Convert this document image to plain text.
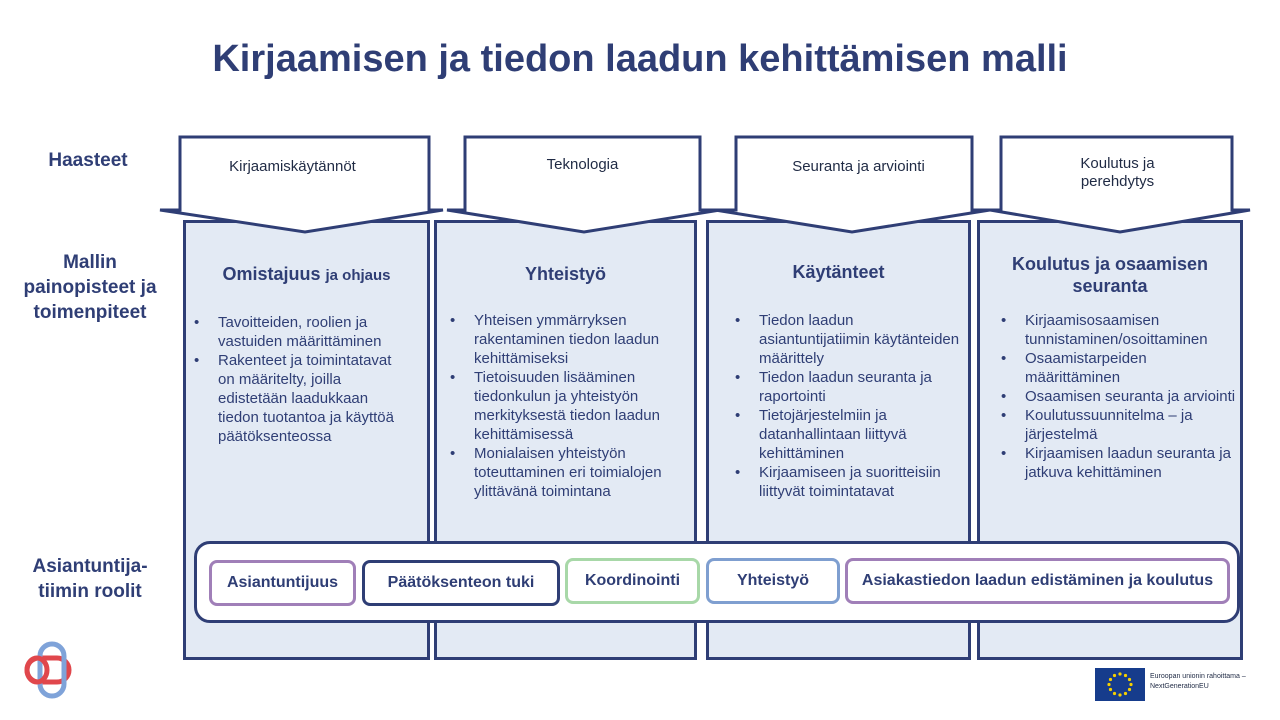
Kirjaamisen ja tiedon laadun kehittämisen malli
Haasteet
Mallin painopisteet ja toimenpiteet
Asiantuntija-tiimin roolit
Omistajuus ja ohjaus
• Tavoitteiden, roolien ja vastuiden määrittäminen
• Rakenteet ja toimintatavat on määritelty, joilla edistetään laadukkaan tiedon tuotantoa ja käyttöä päätöksenteossa
Yhteistyö
• Yhteisen ymmärryksen rakentaminen tiedon laadun kehittämiseksi
• Tietoisuuden lisääminen tiedonkulun ja yhteistyön merkityksestä tiedon laadun kehittämisessä
• Monialaisen yhteistyön toteuttaminen eri toimialojen ylittävänä toimintana
Käytänteet
• Tiedon laadun asiantuntijatiimin käytänteiden määrittely
• Tiedon laadun seuranta ja raportointi
• Tietojärjestelmiin ja datanhallintaan liittyvä kehittäminen
• Kirjaamiseen ja suoritteisiin liittyvät toimintatavat
Koulutus ja osaamisen seuranta
• Kirjaamisosaamisen tunnistaminen/osoittaminen
• Osaamistarpeiden määrittäminen
• Osaamisen seuranta ja arviointi
• Koulutussuunnitelma – ja järjestelmä
• Kirjaamisen laadun seuranta ja jatkuva kehittäminen
Kirjaamiskäytännöt	Teknologia	Seuranta ja arviointi	Koulutus ja perehdytys
Asiantuntijuus	Päätöksenteon tuki	Koordinointi	Yhteistyö	Asiakastiedon laadun edistäminen ja koulutus
Euroopan unionin rahoittama –
NextGenerationEU
